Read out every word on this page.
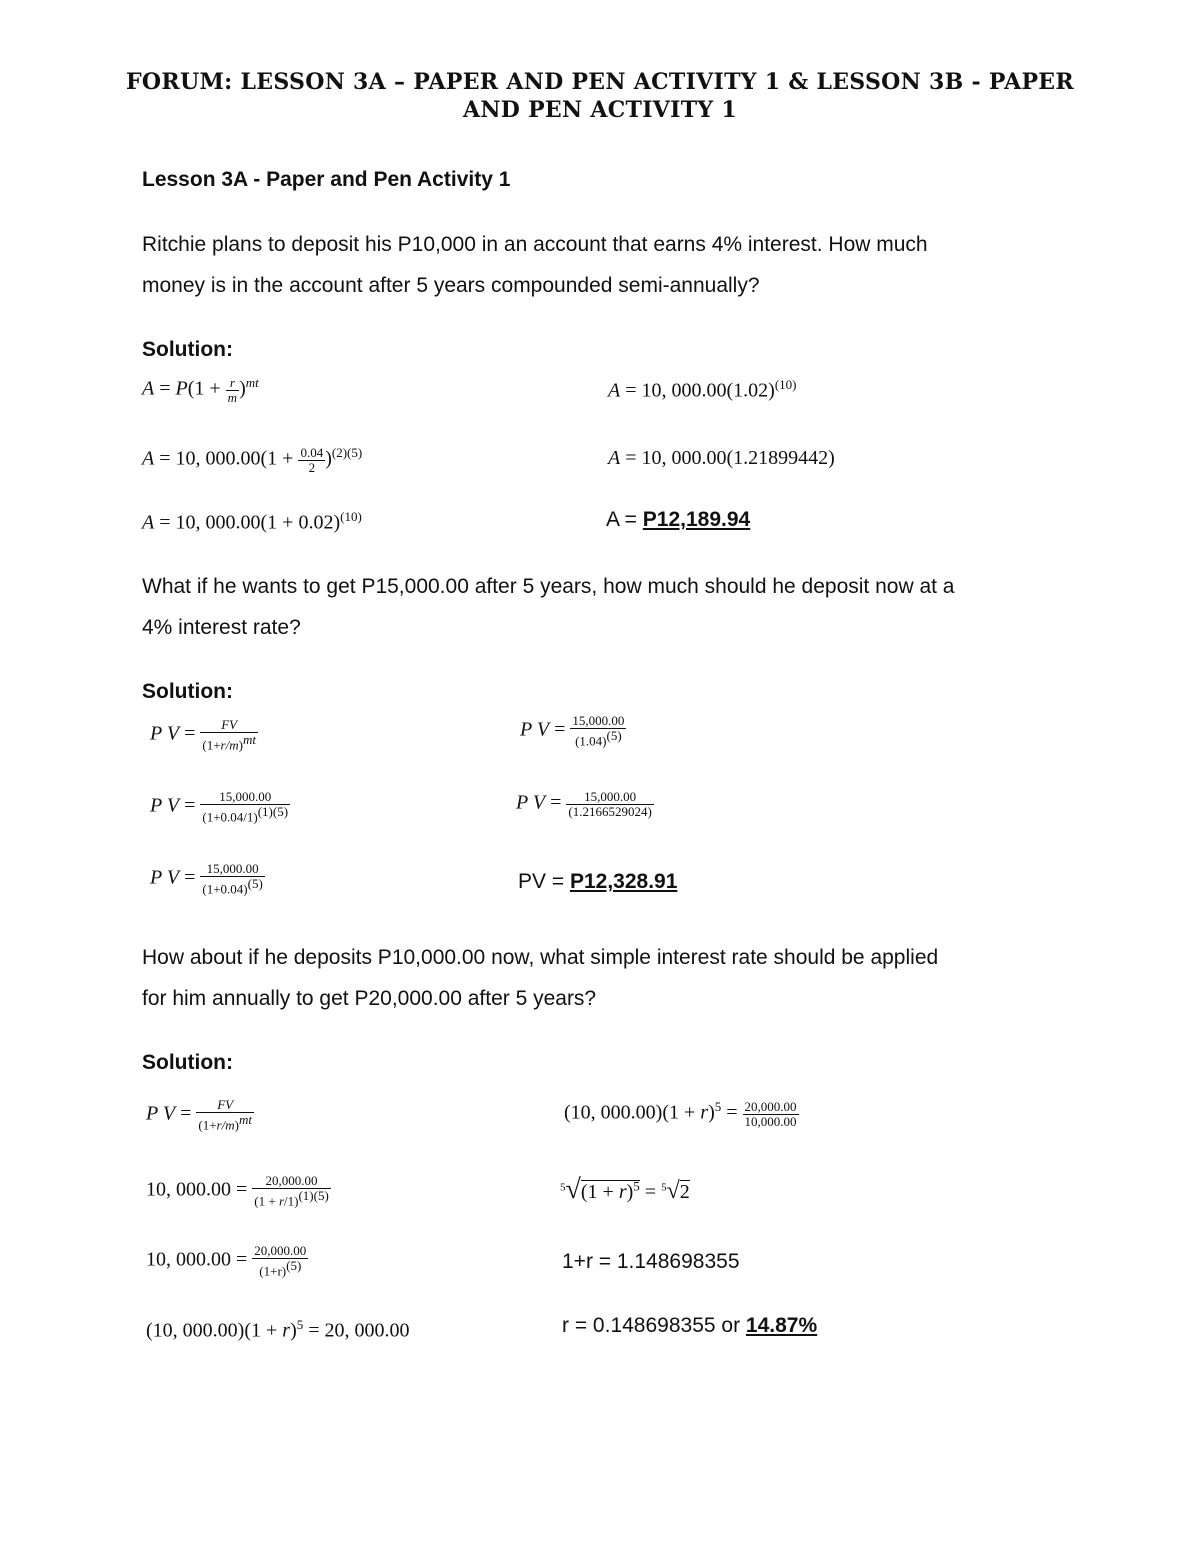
FORUM: LESSON 3A – PAPER AND PEN ACTIVITY 1 & LESSON 3B - PAPER
AND PEN ACTIVITY 1
Lesson 3A - Paper and Pen Activity 1
Ritchie plans to deposit his P10,000 in an account that earns 4% interest. How much
money is in the account after 5 years compounded semi-annually?
Solution:
$A = P(1 + \frac{r}{m} )^{mt}$
A = 10, $000.00(1 + \frac{0.04}{2} )^{(2)(5)}$
A = 10, $000.00(1 + 0.02)^{(10)}$
A = 10, $000.00(1.02)^{(10)}$
A = 10, 000.00(1.21899442)
A = P12,189.94
What if he wants to get P15,000.00 after 5 years, how much should he deposit now at a
4% interest rate?
Solution:
P $V = \frac{FV}{(1+r/m)^{mt}}$
P $V = \frac{15,000.00}{(1+0.04/1)^{(1)(5)}}$
P $V = \frac{15,000.00}{(1+0.04)^{(5)}}$
P $V = \frac{15,000.00}{(1.04)^{(5)}}$
P $V = \frac{15,000.00}{(1.2166529024)}$
PV = P12,328.91
How about if he deposits P10,000.00 now, what simple interest rate should be applied
for him annually to get P20,000.00 after 5 years?
Solution:
P $V = \frac{FV}{(1+r/m)^{mt}}$
10, $000.00 = \frac{20,000.00}{(1 + r/1)^{(1)(5)}}$
10, $000.00 = \frac{20,000.00}{(1+r)^{(5)}}$
(10, $000.00)(1 + r)^5 = 20$, 000.00
(10, $000.00)(1 + r)^5 = \frac{20,000.00}{10,000.00}$
$^5√(1 + r)^5 = ^5√2$
1+r = 1.148698355
r = 0.148698355 or 14.87%
